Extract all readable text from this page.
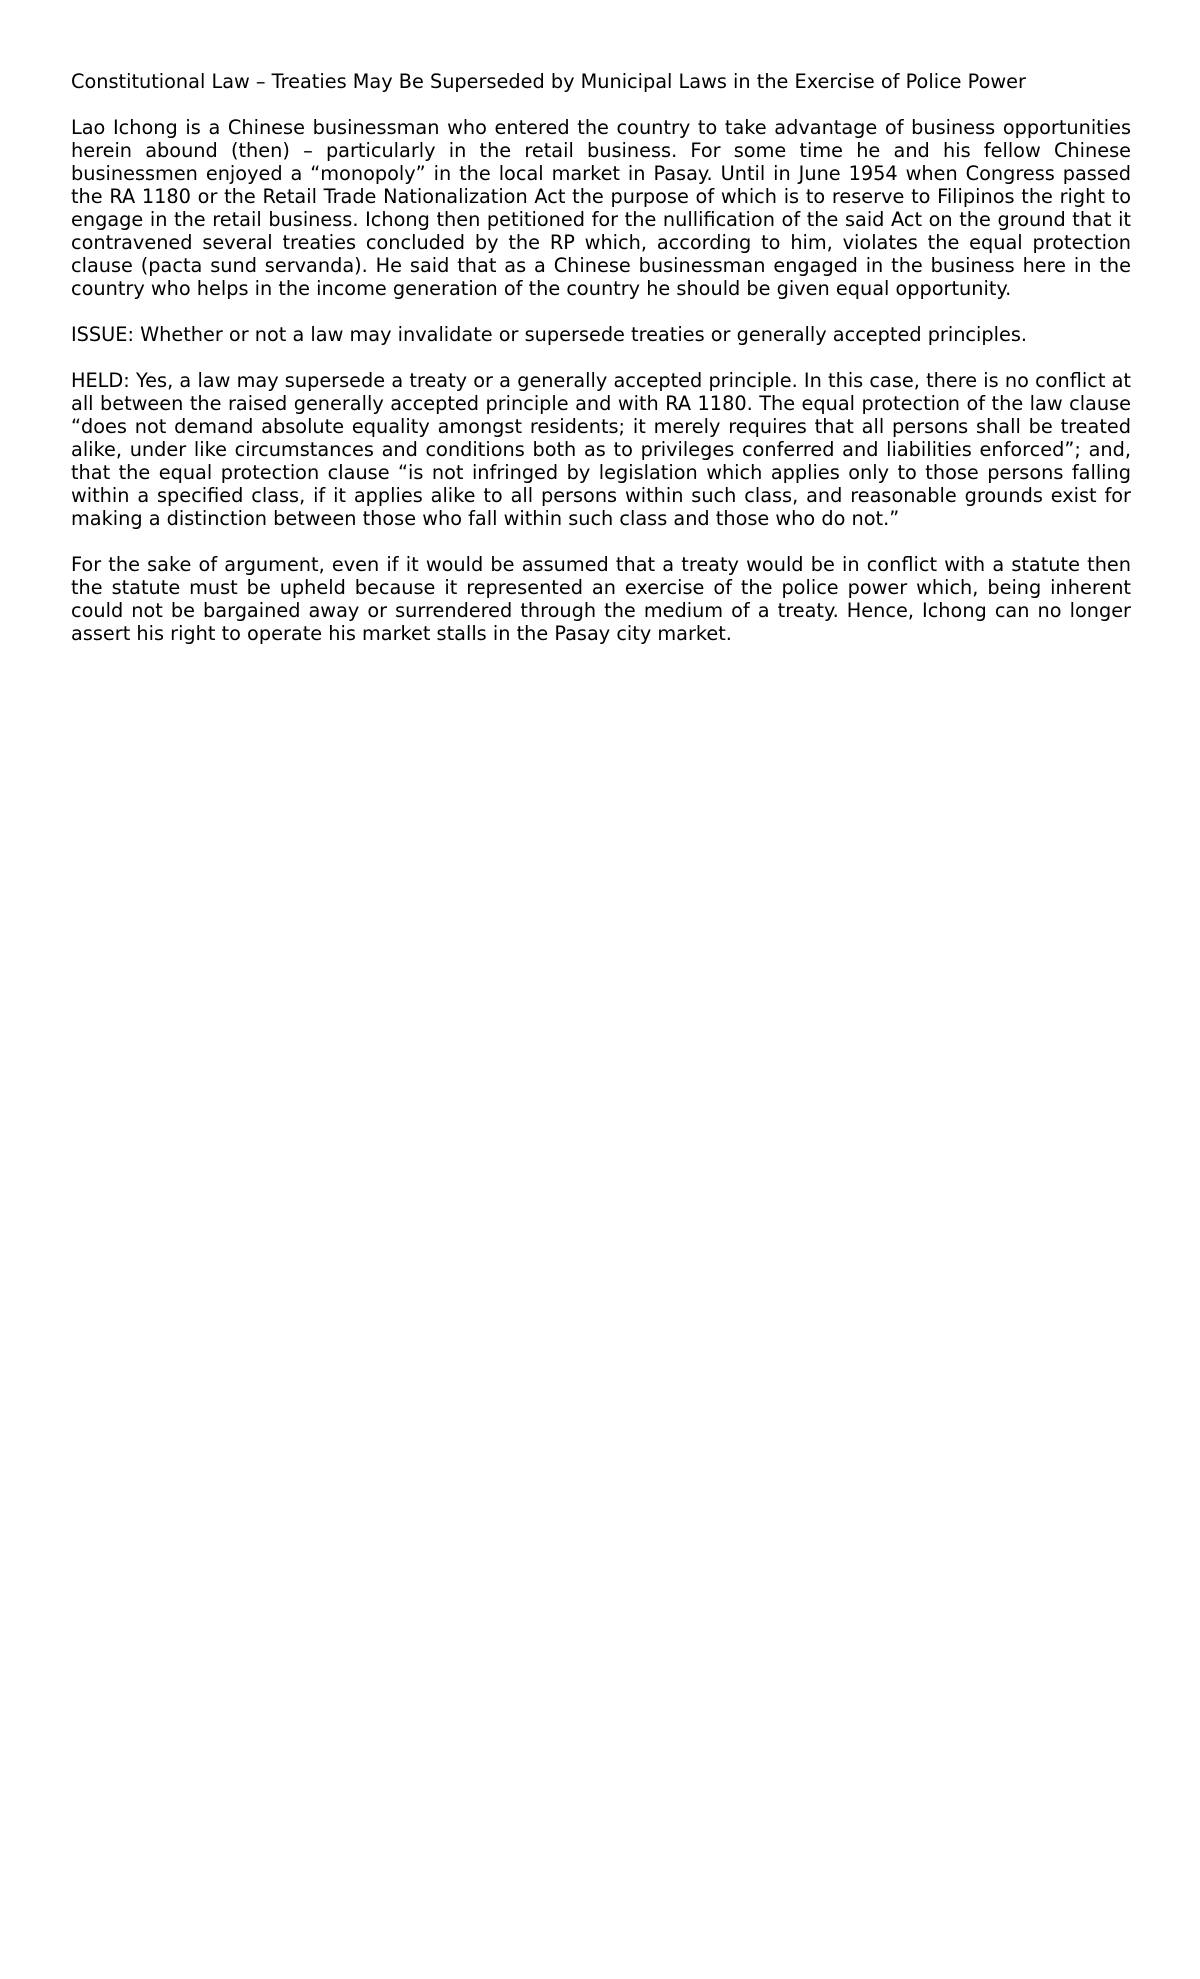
Constitutional Law – Treaties May Be Superseded by Municipal Laws in the Exercise of Police Power

Lao Ichong is a Chinese businessman who entered the country to take advantage of business opportunities herein abound (then) – particularly in the retail business. For some time he and his fellow Chinese businessmen enjoyed a “monopoly” in the local market in Pasay. Until in June 1954 when Congress passed the RA 1180 or the Retail Trade Nationalization Act the purpose of which is to reserve to Filipinos the right to engage in the retail business. Ichong then petitioned for the nullification of the said Act on the ground that it contravened several treaties concluded by the RP which, according to him, violates the equal protection clause (pacta sund servanda). He said that as a Chinese businessman engaged in the business here in the country who helps in the income generation of the country he should be given equal opportunity.

ISSUE: Whether or not a law may invalidate or supersede treaties or generally accepted principles.

HELD: Yes, a law may supersede a treaty or a generally accepted principle. In this case, there is no conflict at all between the raised generally accepted principle and with RA 1180. The equal protection of the law clause “does not demand absolute equality amongst residents; it merely requires that all persons shall be treated alike, under like circumstances and conditions both as to privileges conferred and liabilities enforced”; and, that the equal protection clause “is not infringed by legislation which applies only to those persons falling within a specified class, if it applies alike to all persons within such class, and reasonable grounds exist for making a distinction between those who fall within such class and those who do not.”

For the sake of argument, even if it would be assumed that a treaty would be in conflict with a statute then the statute must be upheld because it represented an exercise of the police power which, being inherent could not be bargained away or surrendered through the medium of a treaty. Hence, Ichong can no longer assert his right to operate his market stalls in the Pasay city market.
